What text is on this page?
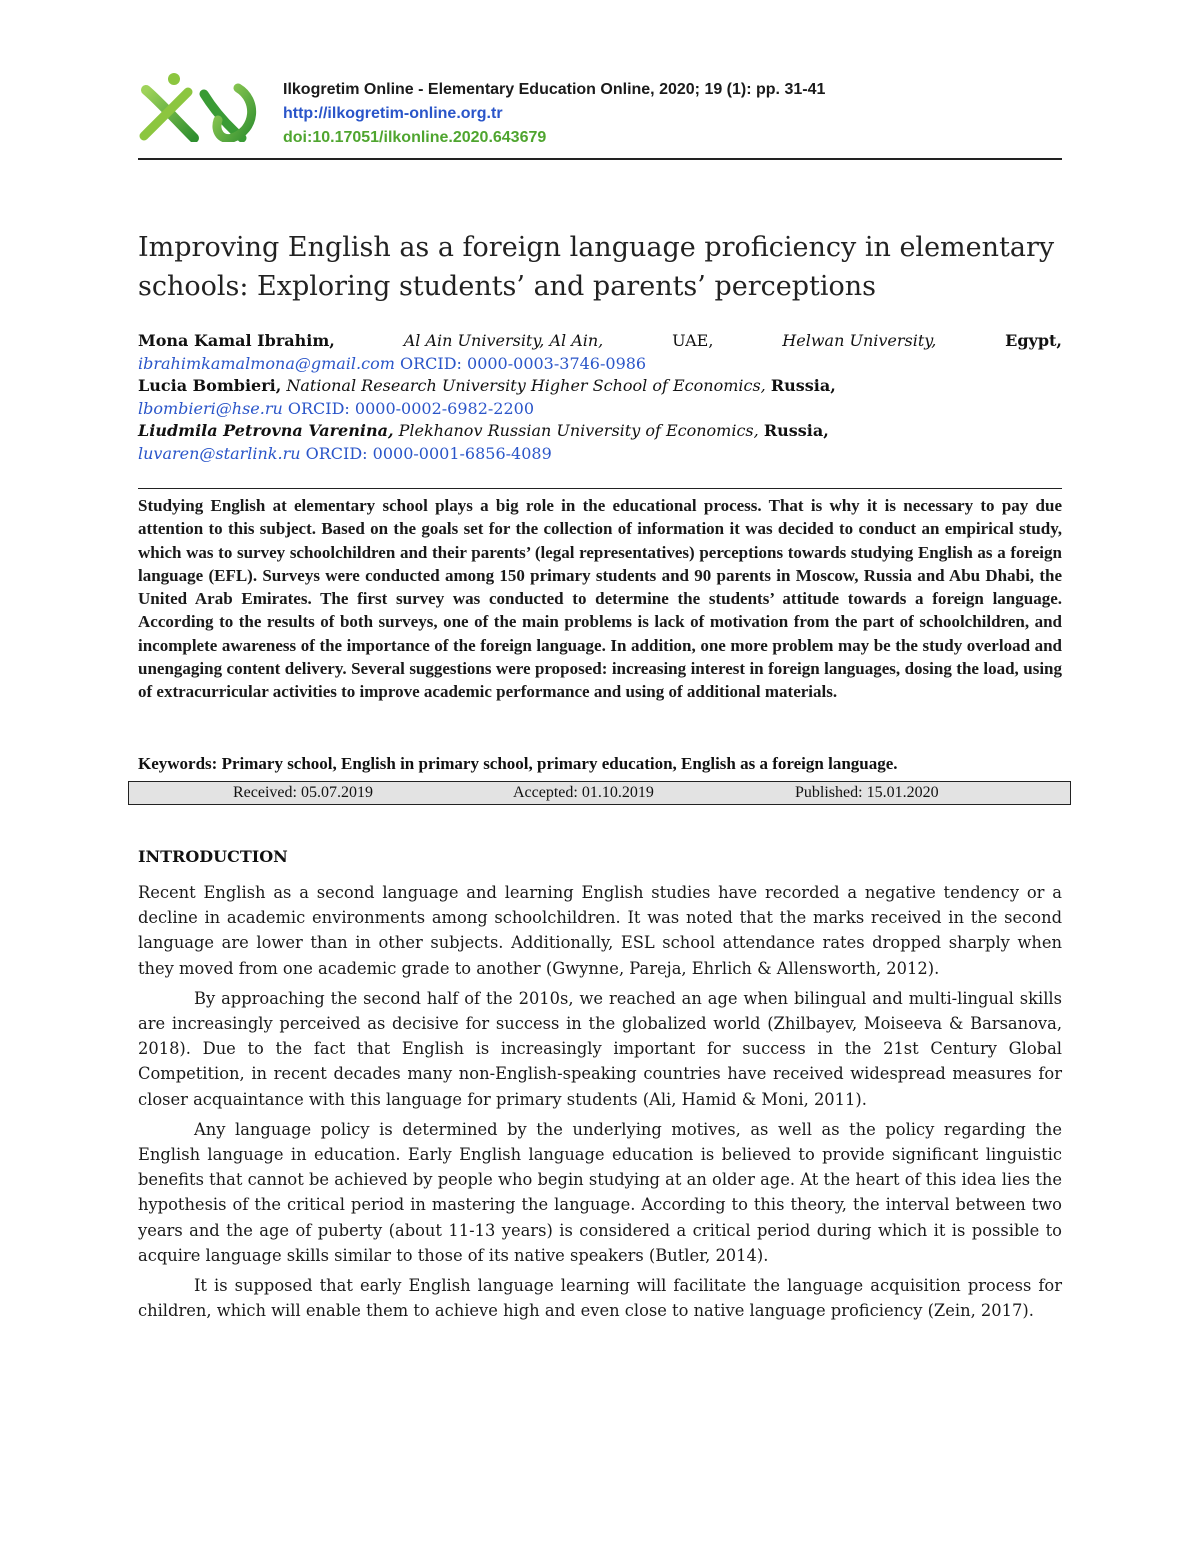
Ilkogretim Online - Elementary Education Online, 2020; 19 (1): pp. 31-41
http://ilkogretim-online.org.tr
doi:10.17051/ilkonline.2020.643679
Improving English as a foreign language proficiency in elementary schools: Exploring students’ and parents’ perceptions
Mona Kamal Ibrahim,	Al Ain University, Al Ain,	UAE,	Helwan University,	Egypt,
ibrahimkamalmona@gmail.com ORCID: 0000-0003-3746-0986
Lucia Bombieri, National Research University Higher School of Economics, Russia,
lbombieri@hse.ru ORCID: 0000-0002-6982-2200
Liudmila Petrovna Varenina, Plekhanov Russian University of Economics, Russia,
luvaren@starlink.ru ORCID: 0000-0001-6856-4089

Studying English at elementary school plays a big role in the educational process. That is why it is necessary to pay due attention to this subject. Based on the goals set for the collection of information it was decided to conduct an empirical study, which was to survey schoolchildren and their parents’ (legal representatives) perceptions towards studying English as a foreign language (EFL). Surveys were conducted among 150 primary students and 90 parents in Moscow, Russia and Abu Dhabi, the United Arab Emirates. The first survey was conducted to determine the students’ attitude towards a foreign language. According to the results of both surveys, one of the main problems is lack of motivation from the part of schoolchildren, and incomplete awareness of the importance of the foreign language. In addition, one more problem may be the study overload and unengaging content delivery. Several suggestions were proposed: increasing interest in foreign languages, dosing the load, using of extracurricular activities to improve academic performance and using of additional materials.

Keywords: Primary school, English in primary school, primary education, English as a foreign language.
Received: 05.07.2019	Accepted: 01.10.2019	Published: 15.01.2020
INTRODUCTION

Recent English as a second language and learning English studies have recorded a negative tendency or a decline in academic environments among schoolchildren. It was noted that the marks received in the second language are lower than in other subjects. Additionally, ESL school attendance rates dropped sharply when they moved from one academic grade to another (Gwynne, Pareja, Ehrlich & Allensworth, 2012).

By approaching the second half of the 2010s, we reached an age when bilingual and multi-lingual skills are increasingly perceived as decisive for success in the globalized world (Zhilbayev, Moiseeva & Barsanova, 2018). Due to the fact that English is increasingly important for success in the 21st Century Global Competition, in recent decades many non-English-speaking countries have received widespread measures for closer acquaintance with this language for primary students (Ali, Hamid & Moni, 2011).

Any language policy is determined by the underlying motives, as well as the policy regarding the English language in education. Early English language education is believed to provide significant linguistic benefits that cannot be achieved by people who begin studying at an older age. At the heart of this idea lies the hypothesis of the critical period in mastering the language. According to this theory, the interval between two years and the age of puberty (about 11-13 years) is considered a critical period during which it is possible to acquire language skills similar to those of its native speakers (Butler, 2014).

It is supposed that early English language learning will facilitate the language acquisition process for children, which will enable them to achieve high and even close to native language proficiency (Zein, 2017).
